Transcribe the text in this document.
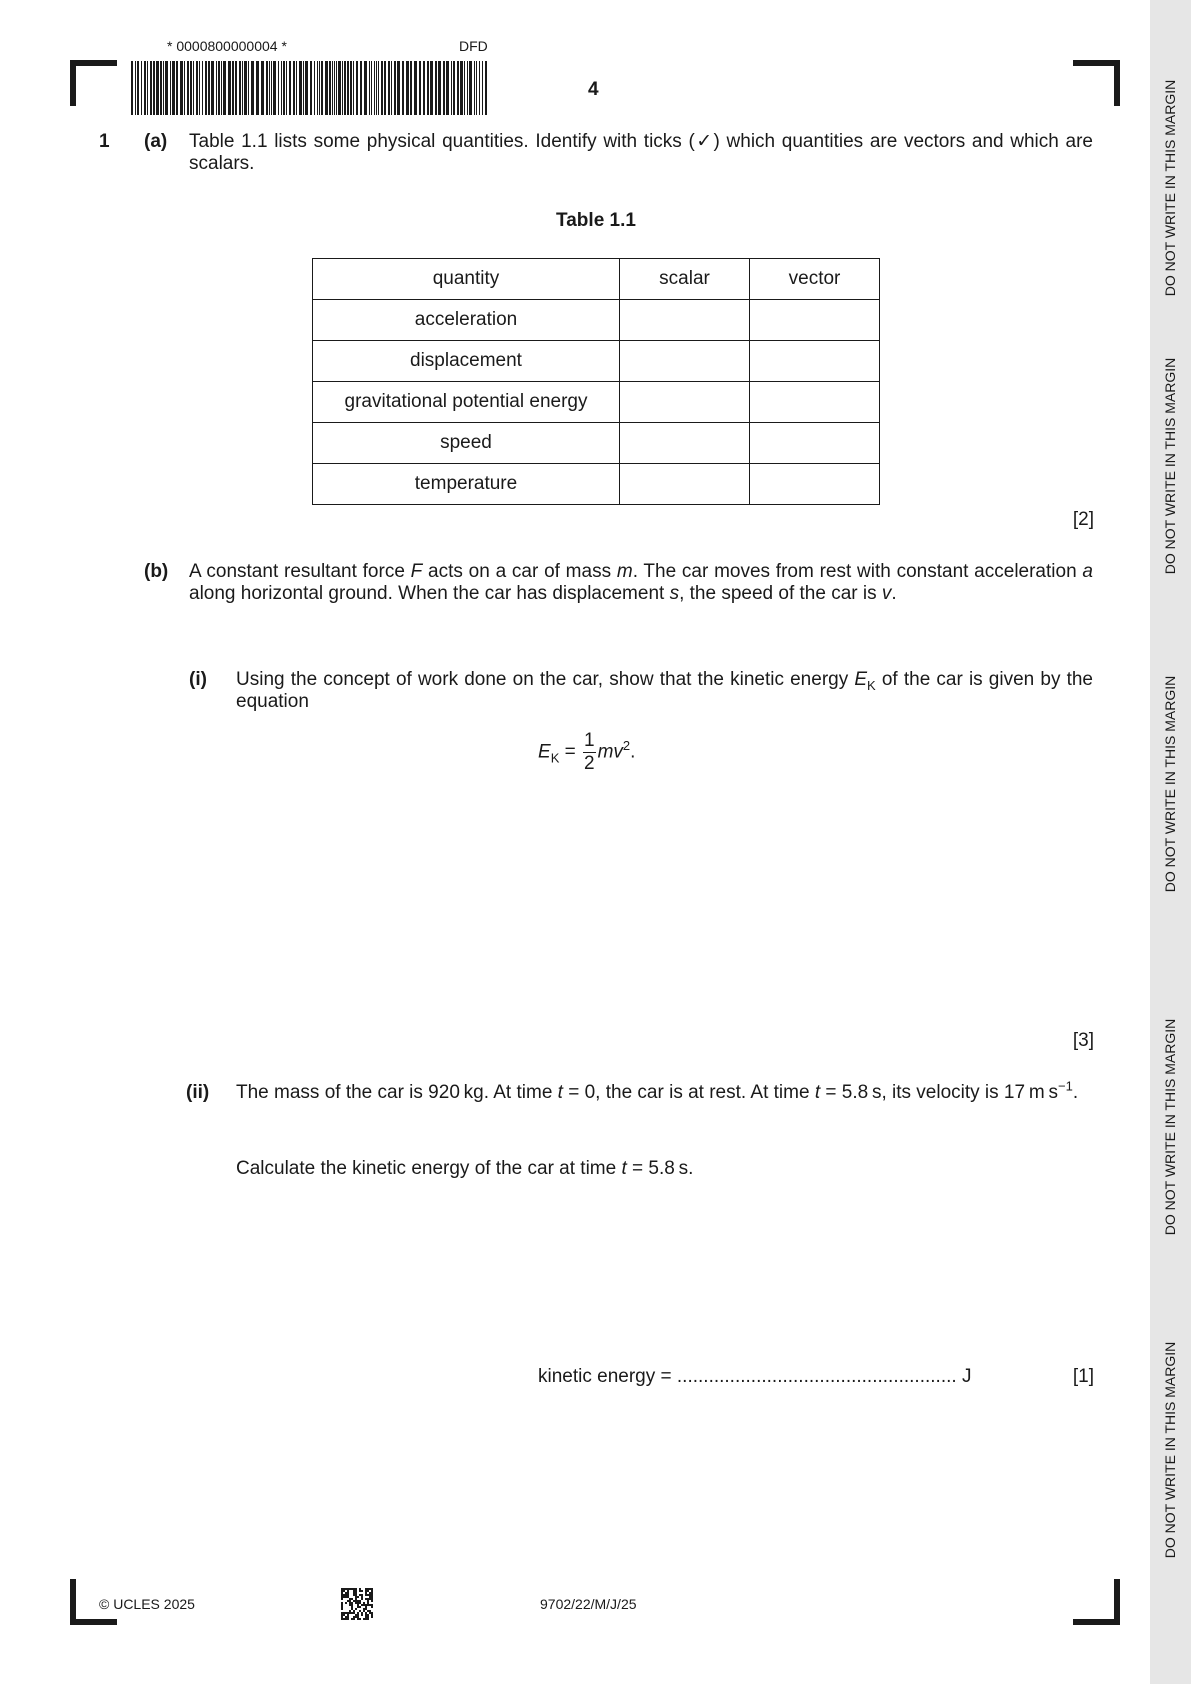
DO NOT WRITE IN THIS MARGIN
DO NOT WRITE IN THIS MARGIN
DO NOT WRITE IN THIS MARGIN
DO NOT WRITE IN THIS MARGIN
DO NOT WRITE IN THIS MARGIN
* 0000800000004 *	DFD
4
1 (a) Table 1.1 lists some physical quantities. Identify with ticks (✓) which quantities are vectors and which are scalars.
Table 1.1
quantity	scalar	vector
acceleration		
displacement		
gravitational potential energy		
speed		
temperature		
[2]
(b) A constant resultant force F acts on a car of mass m. The car moves from rest with constant acceleration a along horizontal ground. When the car has displacement s, the speed of the car is v.
(i) Using the concept of work done on the car, show that the kinetic energy $E_K$ of the car is given by the equation
$E_K = \frac{1}{2} mv^2$.
[3]
(ii) The mass of the car is 920 kg. At time t = 0, the car is at rest. At time t = 5.8 s, its velocity is 17 m $s^{-1}$.
Calculate the kinetic energy of the car at time t = 5.8 s.
kinetic energy = ..................................................... J	[1]
© UCLES 2025	9702/22/M/J/25
